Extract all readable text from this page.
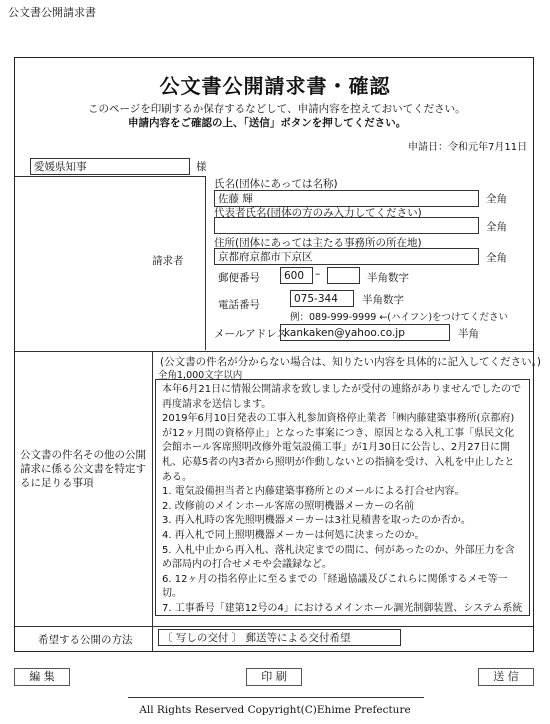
公文書公開請求書
公文書公開請求書・確認
このページを印刷するか保存するなどして、申請内容を控えておいてください。
申請内容をご確認の上、「送信」ボタンを押してください。
申請日：令和元年7月11日
愛媛県知事	様
請求者
氏名(団体にあっては名称)
佐藤 輝	全角
代表者氏名(団体の方のみ入力してください)
全角
住所(団体にあっては主たる事務所の所在地)
京都府京都市下京区	全角
郵便番号	600	–	半角数字
電話番号	075-344	半角数字
例：089-999-9999 ←(ハイフン)をつけてください
メールアドレス
kankaken@yahoo.co.jp	半角
公文書の件名その他の公開請求に係る公文書を特定するに足りる事項
(公文書の件名が分からない場合は、知りたい内容を具体的に記入してください。)
全角1,000文字以内

本年6月21日に情報公開請求を致しましたが受付の連絡がありませんでしたので再度請求を送信します。

2019年6月10日発表の工事入札参加資格停止業者「㈱内藤建築事務所(京都府)が12ヶ月間の資格停止」となった事案につき、原因となる入札工事「県民文化会館ホール客席照明改修外電気設備工事」が1月30日に公告し、2月27日に開札、応募5者の内3者から照明が作動しないとの指摘を受け、入札を中止したとある。

1. 電気設備担当者と内藤建築事務所とのメールによる打合せ内容。

2. 改修前のメインホール客席の照明機器メーカーの名前

3. 再入札時の客先照明機器メーカーは3社見積書を取ったのか否か。

4. 再入札で同上照明機器メーカーは何処に決まったのか。

5. 入札中止から再入札、落札決定までの間に、何があったのか、外部圧力を含め部局内の打合せメモや会議録など。

6. 12ヶ月の指名停止に至るまでの「経過協議及びこれらに関係するメモ等一切。

7. 工事番号「建第12号の4」におけるメインホール調光制御装置、システム系統

希望する公開の方法	〔 写しの交付 〕 郵送等による交付希望
編 集	印 刷	送 信
All Rights Reserved Copyright(C)Ehime Prefecture
